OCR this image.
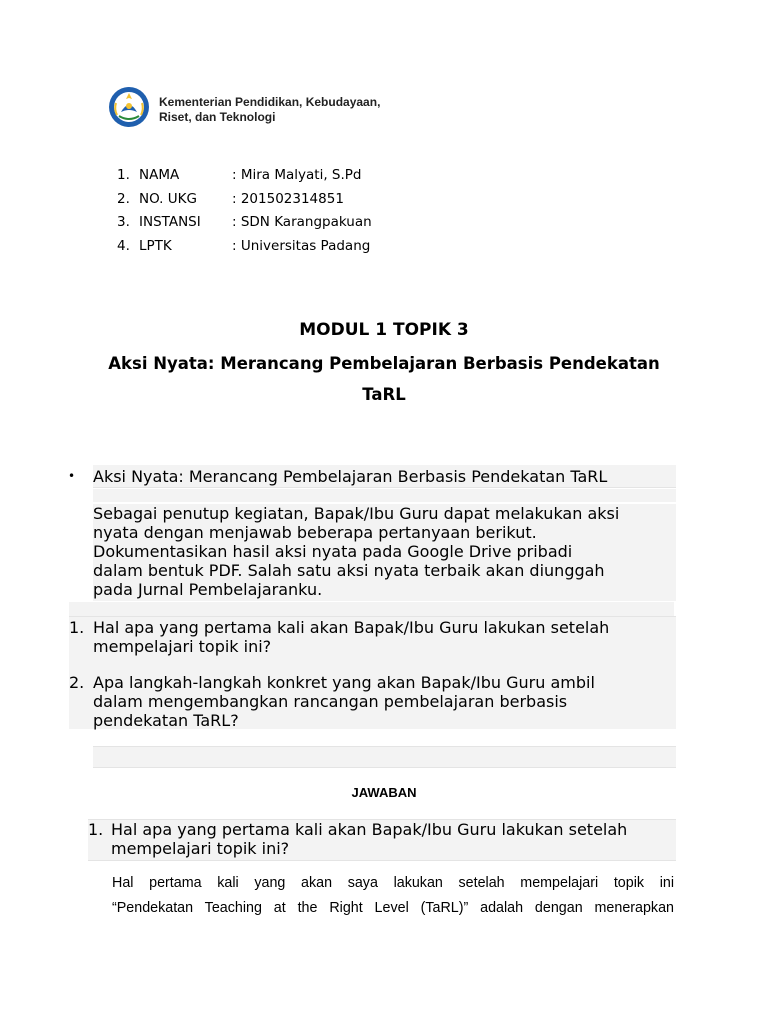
Kementerian Pendidikan, Kebudayaan,
Riset, dan Teknologi
1. NAMA	: Mira Malyati, S.Pd
2. NO. UKG	: 201502314851
3. INSTANSI : SDN Karangpakuan
4. LPTK	: Universitas Padang
MODUL 1 TOPIK 3
Aksi Nyata: Merancang Pembelajaran Berbasis Pendekatan
TaRL
• Aksi Nyata: Merancang Pembelajaran Berbasis Pendekatan TaRL
Sebagai penutup kegiatan, Bapak/Ibu Guru dapat melakukan aksi
nyata dengan menjawab beberapa pertanyaan berikut.
Dokumentasikan hasil aksi nyata pada Google Drive pribadi
dalam bentuk PDF. Salah satu aksi nyata terbaik akan diunggah
pada Jurnal Pembelajaranku.
1. Hal apa yang pertama kali akan Bapak/Ibu Guru lakukan setelah
mempelajari topik ini?
2. Apa langkah-langkah konkret yang akan Bapak/Ibu Guru ambil
dalam mengembangkan rancangan pembelajaran berbasis
pendekatan TaRL?
JAWABAN
1. Hal apa yang pertama kali akan Bapak/Ibu Guru lakukan setelah
mempelajari topik ini?
Hal pertama kali yang akan saya lakukan setelah mempelajari topik ini
“Pendekatan Teaching at the Right Level (TaRL)” adalah dengan menerapkan
